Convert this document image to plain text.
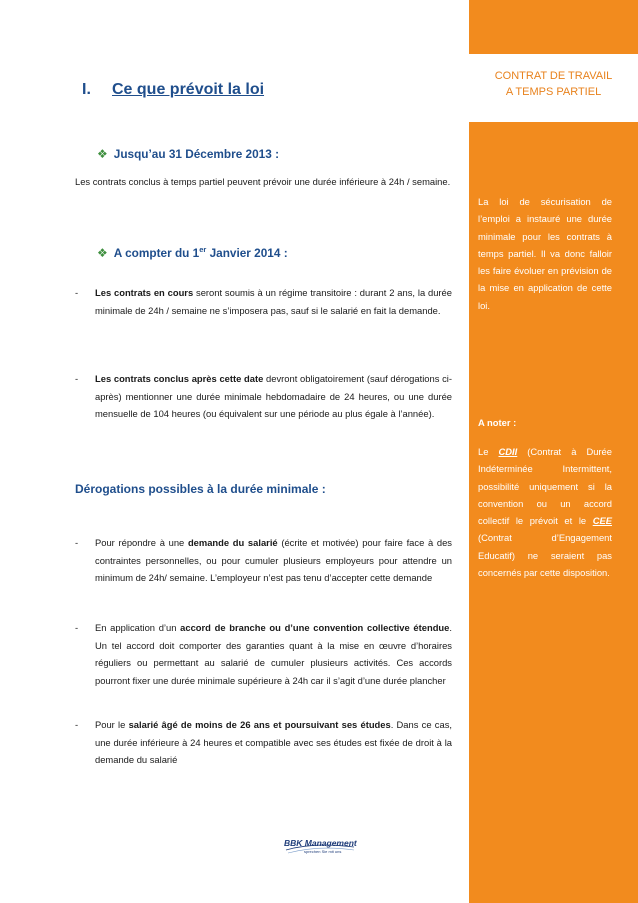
CONTRAT DE TRAVAIL
A TEMPS PARTIEL
La loi de sécurisation de l’emploi a instauré une durée minimale pour les contrats à temps partiel. Il va donc falloir les faire évoluer en prévision de la mise en application de cette loi.
A noter :
Le CDII (Contrat à Durée Indéterminée Intermittent, possibilité uniquement si la convention ou un accord collectif le prévoit et le CEE (Contrat d’Engagement Educatif) ne seraient pas concernés par cette disposition.
I. Ce que prévoit la loi
❖ Jusqu’au 31 Décembre 2013 :
Les contrats conclus à temps partiel peuvent prévoir une durée inférieure à 24h / semaine.
❖ A compter du 1er Janvier 2014 :
- Les contrats en cours seront soumis à un régime transitoire : durant 2 ans, la durée minimale de 24h / semaine ne s’imposera pas, sauf si le salarié en fait la demande.
- Les contrats conclus après cette date devront obligatoirement (sauf dérogations ci-après) mentionner une durée minimale hebdomadaire de 24 heures, ou une durée mensuelle de 104 heures (ou équivalent sur une période au plus égale à l’année).
Dérogations possibles à la durée minimale :
- Pour répondre à une demande du salarié (écrite et motivée) pour faire face à des contraintes personnelles, ou pour cumuler plusieurs employeurs pour attendre un minimum de 24h/ semaine. L’employeur n’est pas tenu d’accepter cette demande
- En application d’un accord de branche ou d’une convention collective étendue. Un tel accord doit comporter des garanties quant à la mise en œuvre d’horaires réguliers ou permettant au salarié de cumuler plusieurs activités. Ces accords pourront fixer une durée minimale supérieure à 24h car il s’agit d’une durée plancher
- Pour le salarié âgé de moins de 26 ans et poursuivant ses études. Dans ce cas, une durée inférieure à 24 heures et compatible avec ses études est fixée de droit à la demande du salarié
BBK Management
sprechen Sie mit uns
